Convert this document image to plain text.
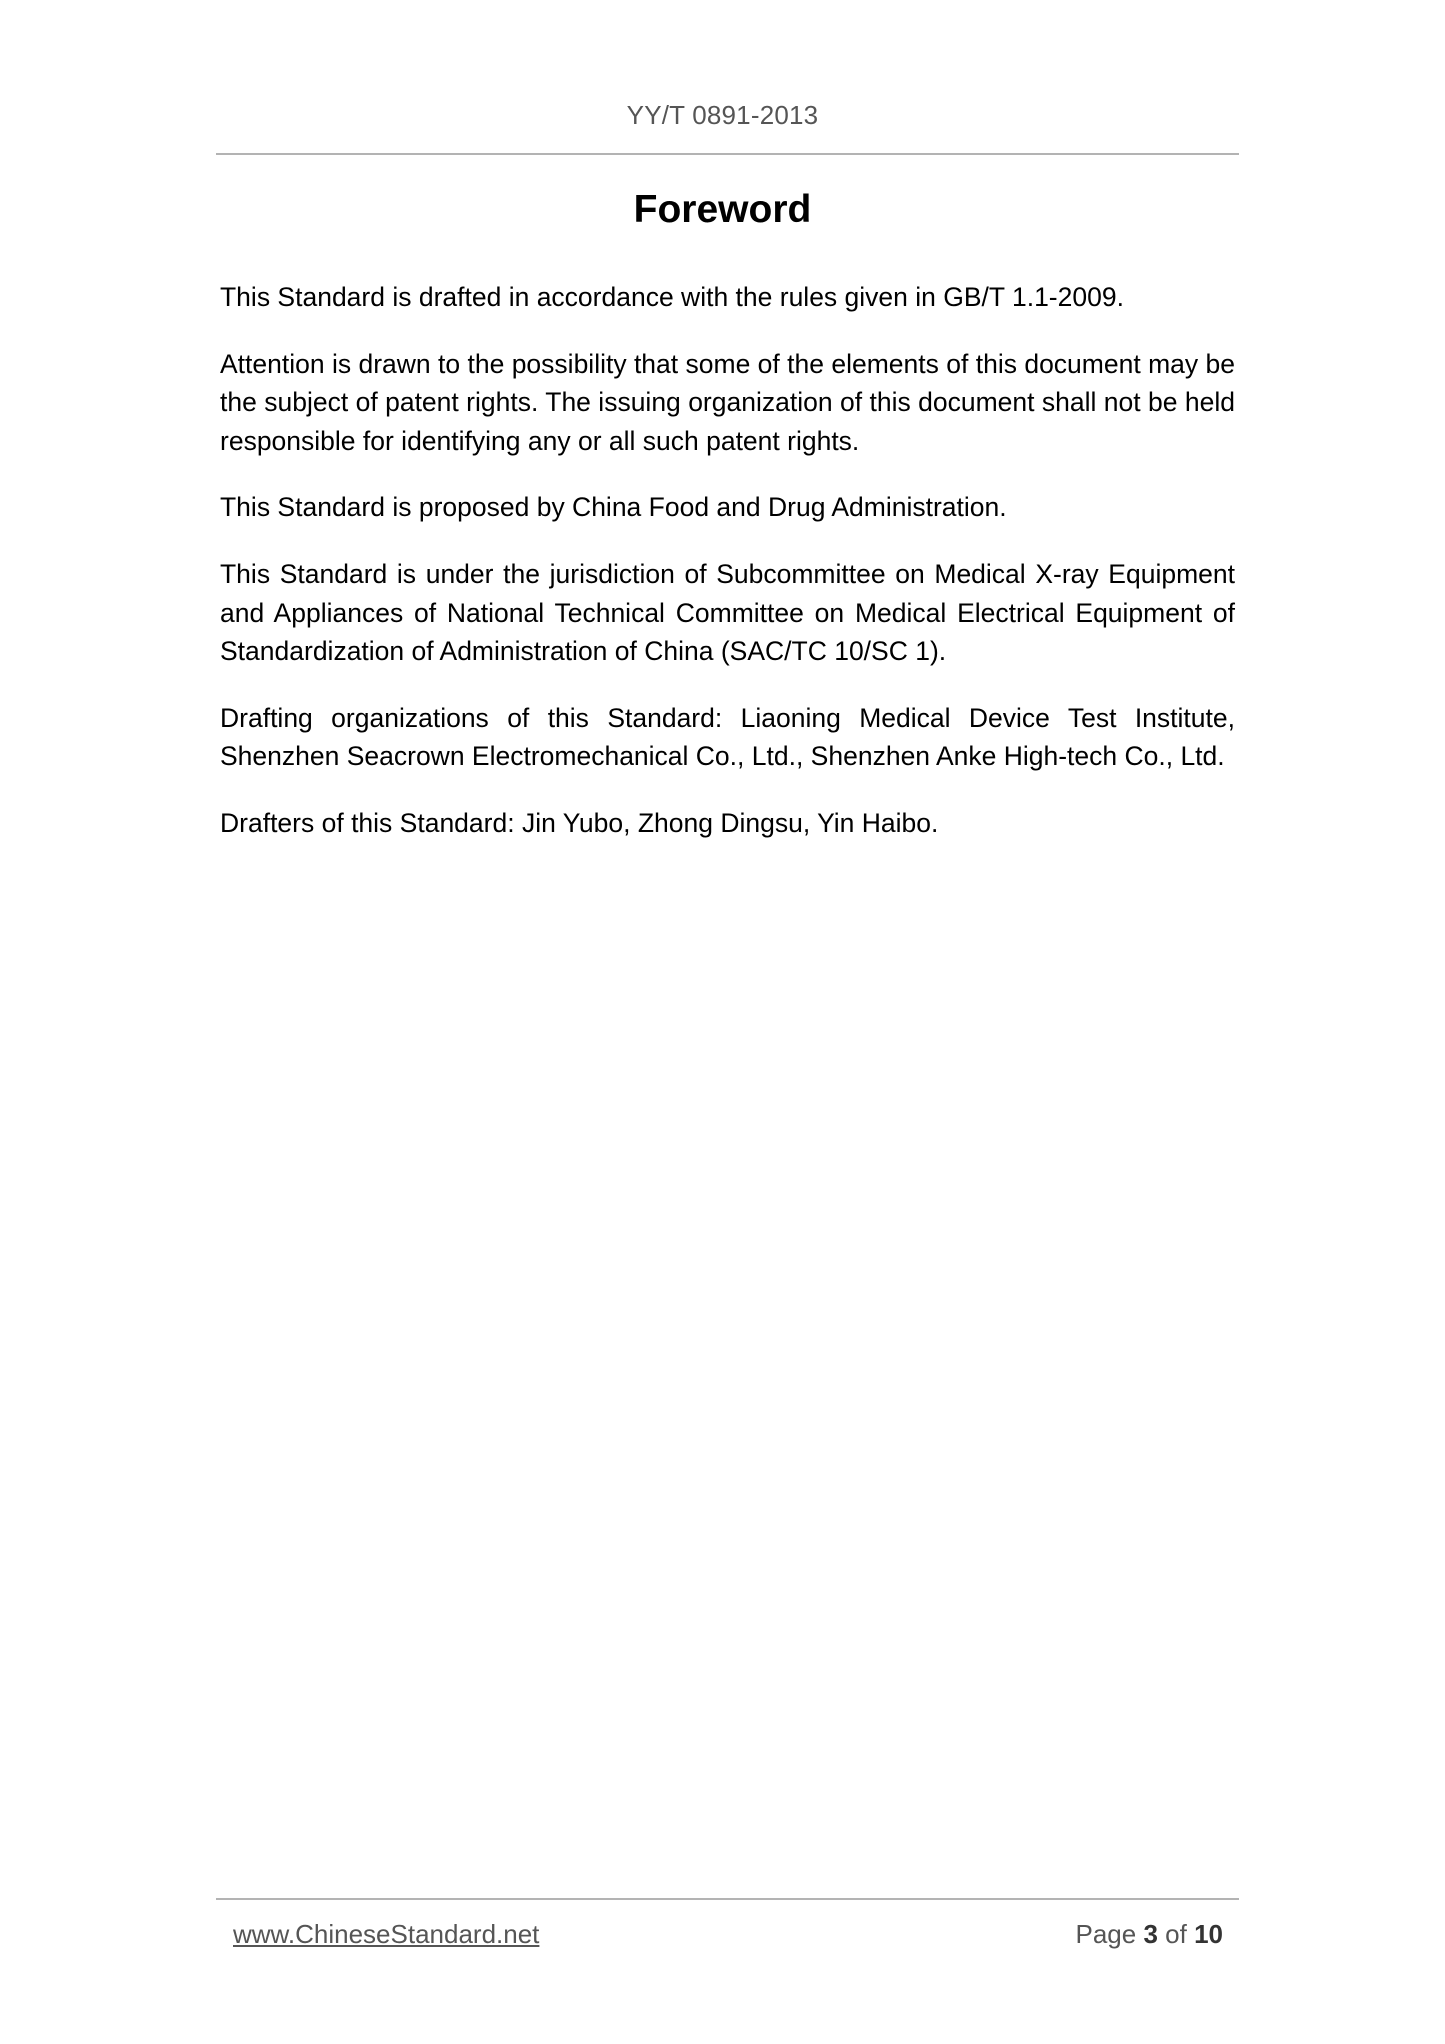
YY/T 0891-2013
Foreword

This Standard is drafted in accordance with the rules given in GB/T 1.1-2009.

Attention is drawn to the possibility that some of the elements of this document may be the subject of patent rights. The issuing organization of this document shall not be held responsible for identifying any or all such patent rights.

This Standard is proposed by China Food and Drug Administration.

This Standard is under the jurisdiction of Subcommittee on Medical X-ray Equipment and Appliances of National Technical Committee on Medical Electrical Equipment of Standardization of Administration of China (SAC/TC 10/SC 1).

Drafting organizations of this Standard: Liaoning Medical Device Test Institute, Shenzhen Seacrown Electromechanical Co., Ltd., Shenzhen Anke High-tech Co., Ltd.

Drafters of this Standard: Jin Yubo, Zhong Dingsu, Yin Haibo.

www.ChineseStandard.net	Page 3 of 10
